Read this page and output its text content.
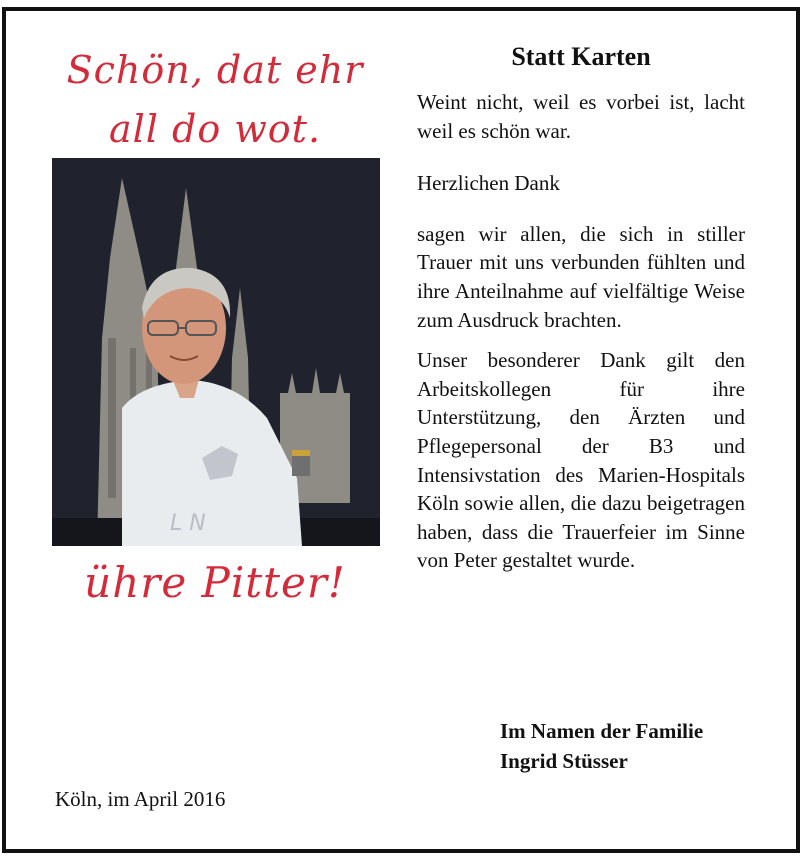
Schön, dat ehr
all do wot.
L N
ühre Pitter!
Statt Karten

Weint nicht, weil es vorbei ist, lacht weil es schön war.

Herzlichen Dank

sagen wir allen, die sich in stiller Trauer mit uns verbunden fühlten und ihre Anteilnahme auf vielfältige Weise zum Ausdruck brachten.

Unser besonderer Dank gilt den Arbeitskollegen für ihre Unterstützung, den Ärzten und Pflegepersonal der B3 und Intensivstation des Marien-Hospitals Köln sowie allen, die dazu beigetragen haben, dass die Trauerfeier im Sinne von Peter gestaltet wurde.

Im Namen der Familie
Ingrid Stüsser
Köln, im April 2016
